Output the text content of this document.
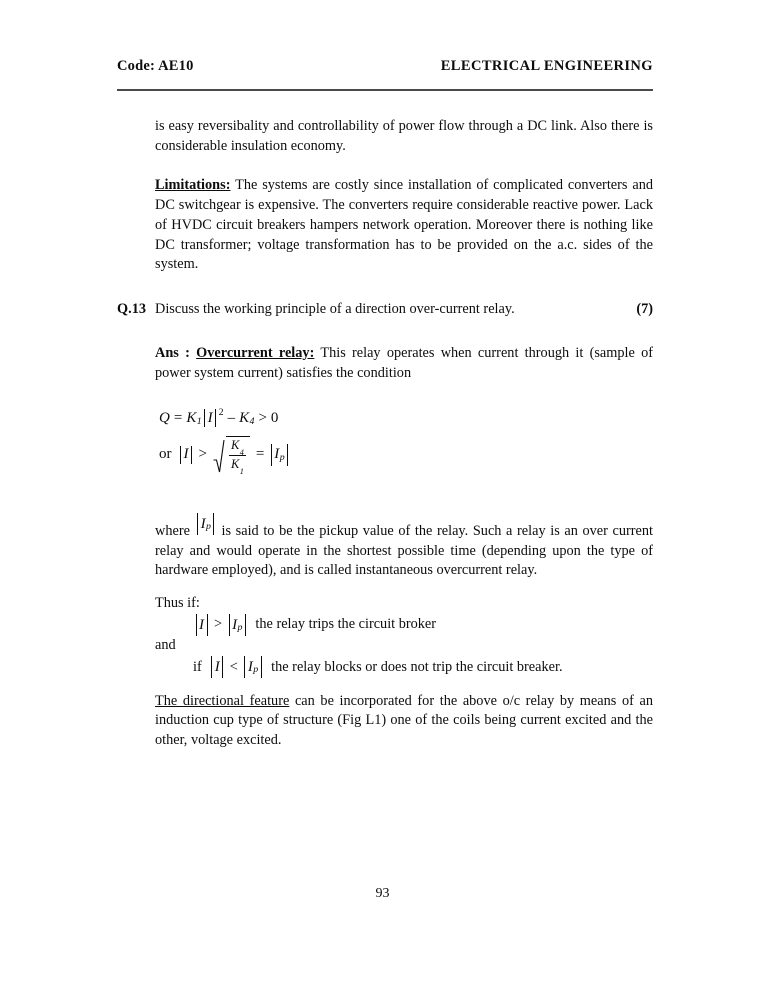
Code: AE10	ELECTRICAL ENGINEERING

is easy reversibality and controllability of power flow through a DC link. Also there is considerable insulation economy.

Limitations: The systems are costly since installation of complicated converters and DC switchgear is expensive. The converters require considerable reactive power. Lack of HVDC circuit breakers hampers network operation. Moreover there is nothing like DC transformer; voltage transformation has to be provided on the a.c. sides of the system.

Q.13 Discuss the working principle of a direction over-current relay.	(7)

Ans : Overcurrent relay: This relay operates when current through it (sample of power system current) satisfies the condition

Q = K 1 I 2 – K 4 > 0
or I >	$\frac{K_4}{K_1} = I$ p

where I p is said to be the pickup value of the relay. Such a relay is an over current relay and would operate in the shortest possible time (depending upon the type of hardware employed), and is called instantaneous overcurrent relay.

Thus if:
I > I p the relay trips the circuit broker
and
if I < I p the relay blocks or does not trip the circuit breaker.

The directional feature can be incorporated for the above o/c relay by means of an induction cup type of structure (Fig L1) one of the coils being current excited and the other, voltage excited.

93
